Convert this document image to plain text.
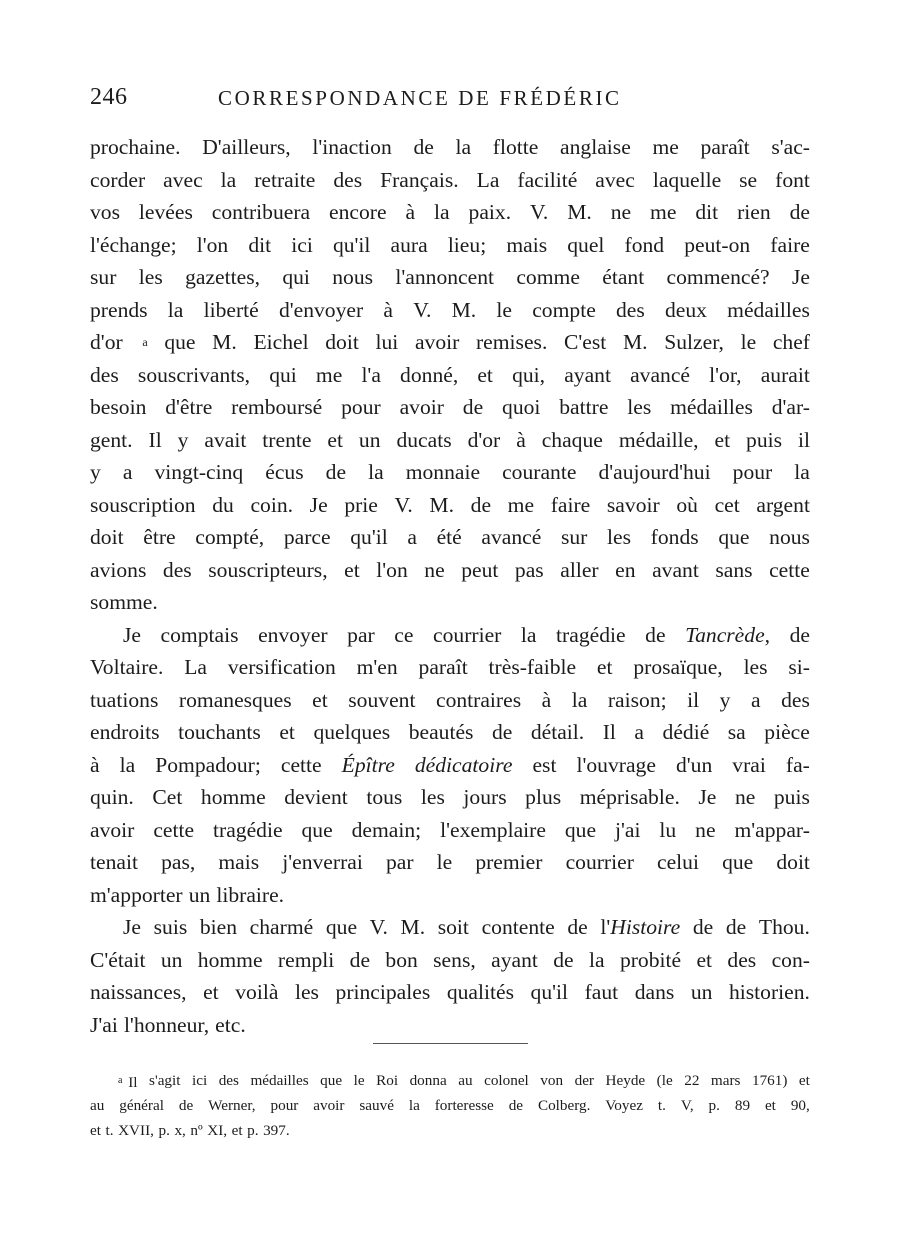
246	CORRESPONDANCE DE FRÉDÉRIC
prochaine. D'ailleurs, l'inaction de la flotte anglaise me paraît s'ac-
corder avec la retraite des Français. La facilité avec laquelle se font
vos levées contribuera encore à la paix. V. M. ne me dit rien de
l'échange; l'on dit ici qu'il aura lieu; mais quel fond peut-on faire
sur les gazettes, qui nous l'annoncent comme étant commencé? Je
prends la liberté d'envoyer à V. M. le compte des deux médailles
d'or a que M. Eichel doit lui avoir remises. C'est M. Sulzer, le chef
des souscrivants, qui me l'a donné, et qui, ayant avancé l'or, aurait
besoin d'être remboursé pour avoir de quoi battre les médailles d'ar-
gent. Il y avait trente et un ducats d'or à chaque médaille, et puis il
y a vingt-cinq écus de la monnaie courante d'aujourd'hui pour la
souscription du coin. Je prie V. M. de me faire savoir où cet argent
doit être compté, parce qu'il a été avancé sur les fonds que nous
avions des souscripteurs, et l'on ne peut pas aller en avant sans cette
somme.
Je comptais envoyer par ce courrier la tragédie de Tancrède, de
Voltaire. La versification m'en paraît très-faible et prosaïque, les si-
tuations romanesques et souvent contraires à la raison; il y a des
endroits touchants et quelques beautés de détail. Il a dédié sa pièce
à la Pompadour; cette Épître dédicatoire est l'ouvrage d'un vrai fa-
quin. Cet homme devient tous les jours plus méprisable. Je ne puis
avoir cette tragédie que demain; l'exemplaire que j'ai lu ne m'appar-
tenait pas, mais j'enverrai par le premier courrier celui que doit
m'apporter un libraire.
Je suis bien charmé que V. M. soit contente de l'Histoire de de Thou.
C'était un homme rempli de bon sens, ayant de la probité et des con-
naissances, et voilà les principales qualités qu'il faut dans un historien.
J'ai l'honneur, etc.
$^a$ Il s'agit ici des médailles que le Roi donna au colonel von der Heyde (le 22 mars 1761) et
au général de Werner, pour avoir sauvé la forteresse de Colberg. Voyez t. V, p. 89 et 90,
et t. XVII, p. x, nº XI, et p. 397.
